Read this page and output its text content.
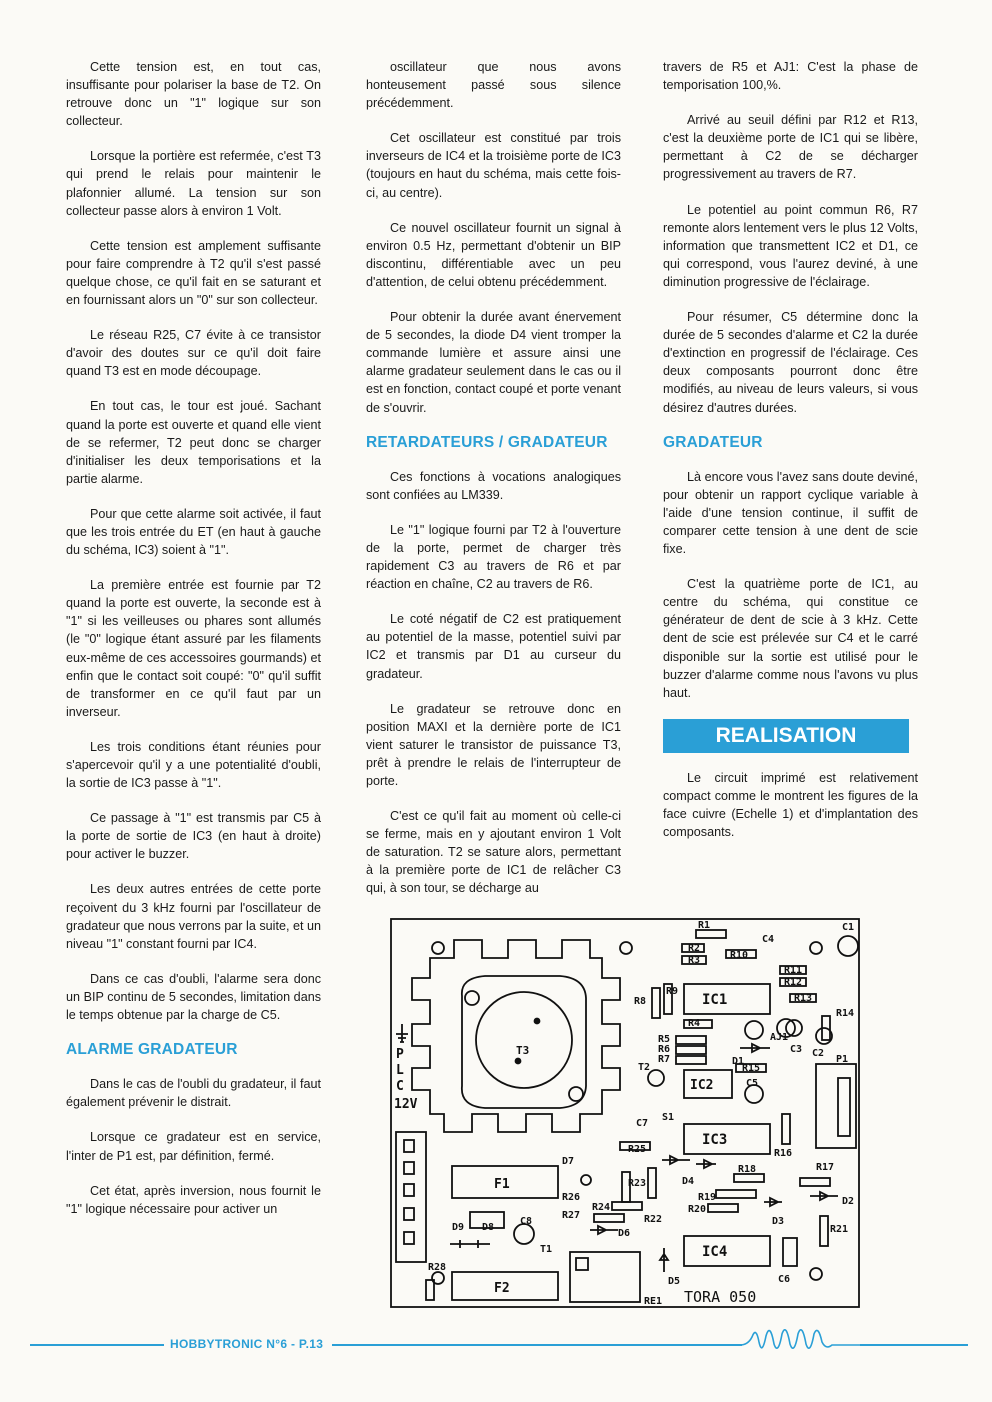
Cette tension est, en tout cas, insuffisante pour polariser la base de T2. On retrouve donc un "1" logique sur son collecteur.

Lorsque la portière est refermée, c'est T3 qui prend le relais pour maintenir le plafonnier allumé. La tension sur son collecteur passe alors à environ 1 Volt.

Cette tension est amplement suffisante pour faire comprendre à T2 qu'il s'est passé quelque chose, ce qu'il fait en se saturant et en fournissant alors un "0" sur son collecteur.

Le réseau R25, C7 évite à ce transistor d'avoir des doutes sur ce qu'il doit faire quand T3 est en mode découpage.

En tout cas, le tour est joué. Sachant quand la porte est ouverte et quand elle vient de se refermer, T2 peut donc se charger d'initialiser les deux temporisations et la partie alarme.

Pour que cette alarme soit activée, il faut que les trois entrée du ET (en haut à gauche du schéma, IC3) soient à "1".

La première entrée est fournie par T2 quand la porte est ouverte, la seconde est à "1" si les veilleuses ou phares sont allumés (le "0" logique étant assuré par les filaments eux-même de ces accessoires gourmands) et enfin que le contact soit coupé: "0" qu'il suffit de transformer en ce qu'il faut par un inverseur.

Les trois conditions étant réunies pour s'apercevoir qu'il y a une potentialité d'oubli, la sortie de IC3 passe à "1".

Ce passage à "1" est transmis par C5 à la porte de sortie de IC3 (en haut à droite) pour activer le buzzer.

Les deux autres entrées de cette porte reçoivent du 3 kHz fourni par l'oscillateur de gradateur que nous verrons par la suite, et un niveau "1" constant fourni par IC4.

Dans ce cas d'oubli, l'alarme sera donc un BIP continu de 5 secondes, limitation dans le temps obtenue par la charge de C5.

ALARME GRADATEUR

Dans le cas de l'oubli du gradateur, il faut également prévenir le distrait.

Lorsque ce gradateur est en service, l'inter de P1 est, par définition, fermé.

Cet état, après inversion, nous fournit le "1" logique nécessaire pour activer un

oscillateur que nous avons honteusement passé sous silence précédemment.

Cet oscillateur est constitué par trois inverseurs de IC4 et la troisième porte de IC3 (toujours en haut du schéma, mais cette fois-ci, au centre).

Ce nouvel oscillateur fournit un signal à environ 0.5 Hz, permettant d'obtenir un BIP discontinu, différentiable avec un peu d'attention, de celui obtenu précédemment.

Pour obtenir la durée avant énervement de 5 secondes, la diode D4 vient tromper la commande lumière et assure ainsi une alarme gradateur seulement dans le cas ou il est en fonction, contact coupé et porte venant de s'ouvrir.

RETARDATEURS / GRADATEUR

Ces fonctions à vocations analogiques sont confiées au LM339.

Le "1" logique fourni par T2 à l'ouverture de la porte, permet de charger très rapidement C3 au travers de R6 et par réaction en chaîne, C2 au travers de R6.

Le coté négatif de C2 est pratiquement au potentiel de la masse, potentiel suivi par IC2 et transmis par D1 au curseur du gradateur.

Le gradateur se retrouve donc en position MAXI et la dernière porte de IC1 vient saturer le transistor de puissance T3, prêt à prendre le relais de l'interrupteur de porte.

C'est ce qu'il fait au moment où celle-ci se ferme, mais en y ajoutant environ 1 Volt de saturation. T2 se sature alors, permettant à la première porte de IC1 de relâcher C3 qui, à son tour, se décharge au

travers de R5 et AJ1: C'est la phase de temporisation 100,%.

Arrivé au seuil défini par R12 et R13, c'est la deuxième porte de IC1 qui se libère, permettant à C2 de se décharger progressivement au travers de R7.

Le potentiel au point commun R6, R7 remonte alors lentement vers le plus 12 Volts, information que transmettent IC2 et D1, ce qui correspond, vous l'aurez deviné, à une diminution progressive de l'éclairage.

Pour résumer, C5 détermine donc la durée de 5 secondes d'alarme et C2 la durée d'extinction en progressif de l'éclairage. Ces deux composants pourront donc être modifiés, au niveau de leurs valeurs, si vous désirez d'autres durées.

GRADATEUR

Là encore vous l'avez sans doute deviné, pour obtenir un rapport cyclique variable à l'aide d'une tension continue, il suffit de comparer cette tension à une dent de scie fixe.

C'est la quatrième porte de IC1, au centre du schéma, qui constitue ce générateur de dent de scie à 3 kHz. Cette dent de scie est prélevée sur C4 et le carré disponible sur la sortie est utilisé pour le buzzer d'alarme comme nous l'avons vu plus haut.

REALISATION

Le circuit imprimé est relativement compact comme le montrent les figures de la face cuivre (Echelle 1) et d'implantation des composants.

IC1
IC2
IC3
IC4
T3
T2
T1
F1
F2
R1
R2
R3
R4
R5
R6
R7
R8
R9
R10
R11
R12
R13
R14
R15
R16
R17
R18
R19
R20
R21
R22
R23
R24
R25
R26
R27
R28
C1
C2
C3
C4
C5
C6
C7
C8
D1
D2
D3
D4
D5
D6
D7
D8
D9
AJ1
P1
S1
RE1
P
L
C
12V
TORA 050
HOBBYTRONIC N°6 - P.13
